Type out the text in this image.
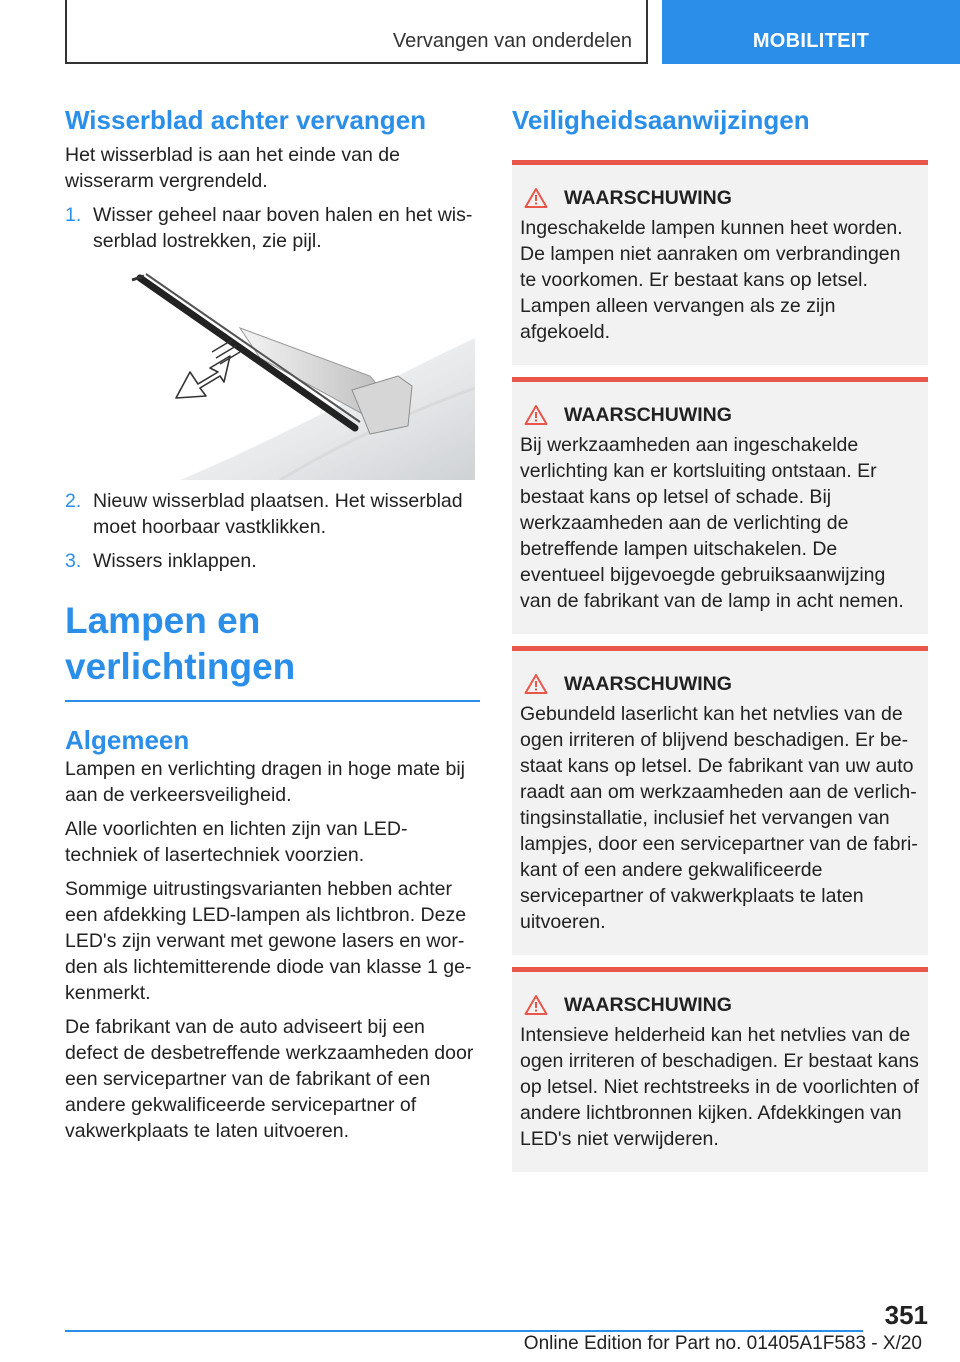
Vervangen van onderdelen	MOBILITEIT
Wisserblad achter vervangen

Het wisserblad is aan het einde van de wisserarm vergrendeld.

1. Wisser geheel naar boven halen en het wisserblad lostrekken, zie pijl.
2. Nieuw wisserblad plaatsen. Het wisserblad moet hoorbaar vastklikken.
3. Wissers inklappen.
Lampen en verlichtingen
Algemeen

Lampen en verlichting dragen in hoge mate bij aan de verkeersveiligheid.

Alle voorlichten en lichten zijn van LED-techniek of lasertechniek voorzien.

Sommige uitrustingsvarianten hebben achter een afdekking LED-lampen als lichtbron. Deze LED's zijn verwant met gewone lasers en worden als lichtemitterende diode van klasse 1 gekenmerkt.

De fabrikant van de auto adviseert bij een defect de desbetreffende werkzaamheden door een servicepartner van de fabrikant of een andere gekwalificeerde servicepartner of vakwerkplaats te laten uitvoeren.

Veiligheidsaanwijzingen
WAARSCHUWING

Ingeschakelde lampen kunnen heet worden. De lampen niet aanraken om verbrandingen te voorkomen. Er bestaat kans op letsel. Lampen alleen vervangen als ze zijn afgekoeld.

WAARSCHUWING

Bij werkzaamheden aan ingeschakelde verlichting kan er kortsluiting ontstaan. Er bestaat kans op letsel of schade. Bij werkzaamheden aan de verlichting de betreffende lampen uitschakelen. De eventueel bijgevoegde gebruiksaanwijzing van de fabrikant van de lamp in acht nemen.

WAARSCHUWING

Gebundeld laserlicht kan het netvlies van de ogen irriteren of blijvend beschadigen. Er bestaat kans op letsel. De fabrikant van uw auto raadt aan om werkzaamheden aan de verlichtingsinstallatie, inclusief het vervangen van lampjes, door een servicepartner van de fabrikant of een andere gekwalificeerde servicepartner of vakwerkplaats te laten uitvoeren.

WAARSCHUWING

Intensieve helderheid kan het netvlies van de ogen irriteren of beschadigen. Er bestaat kans op letsel. Niet rechtstreeks in de voorlichten of andere lichtbronnen kijken. Afdekkingen van LED's niet verwijderen.

351
Online Edition for Part no. 01405A1F583 - X/20
